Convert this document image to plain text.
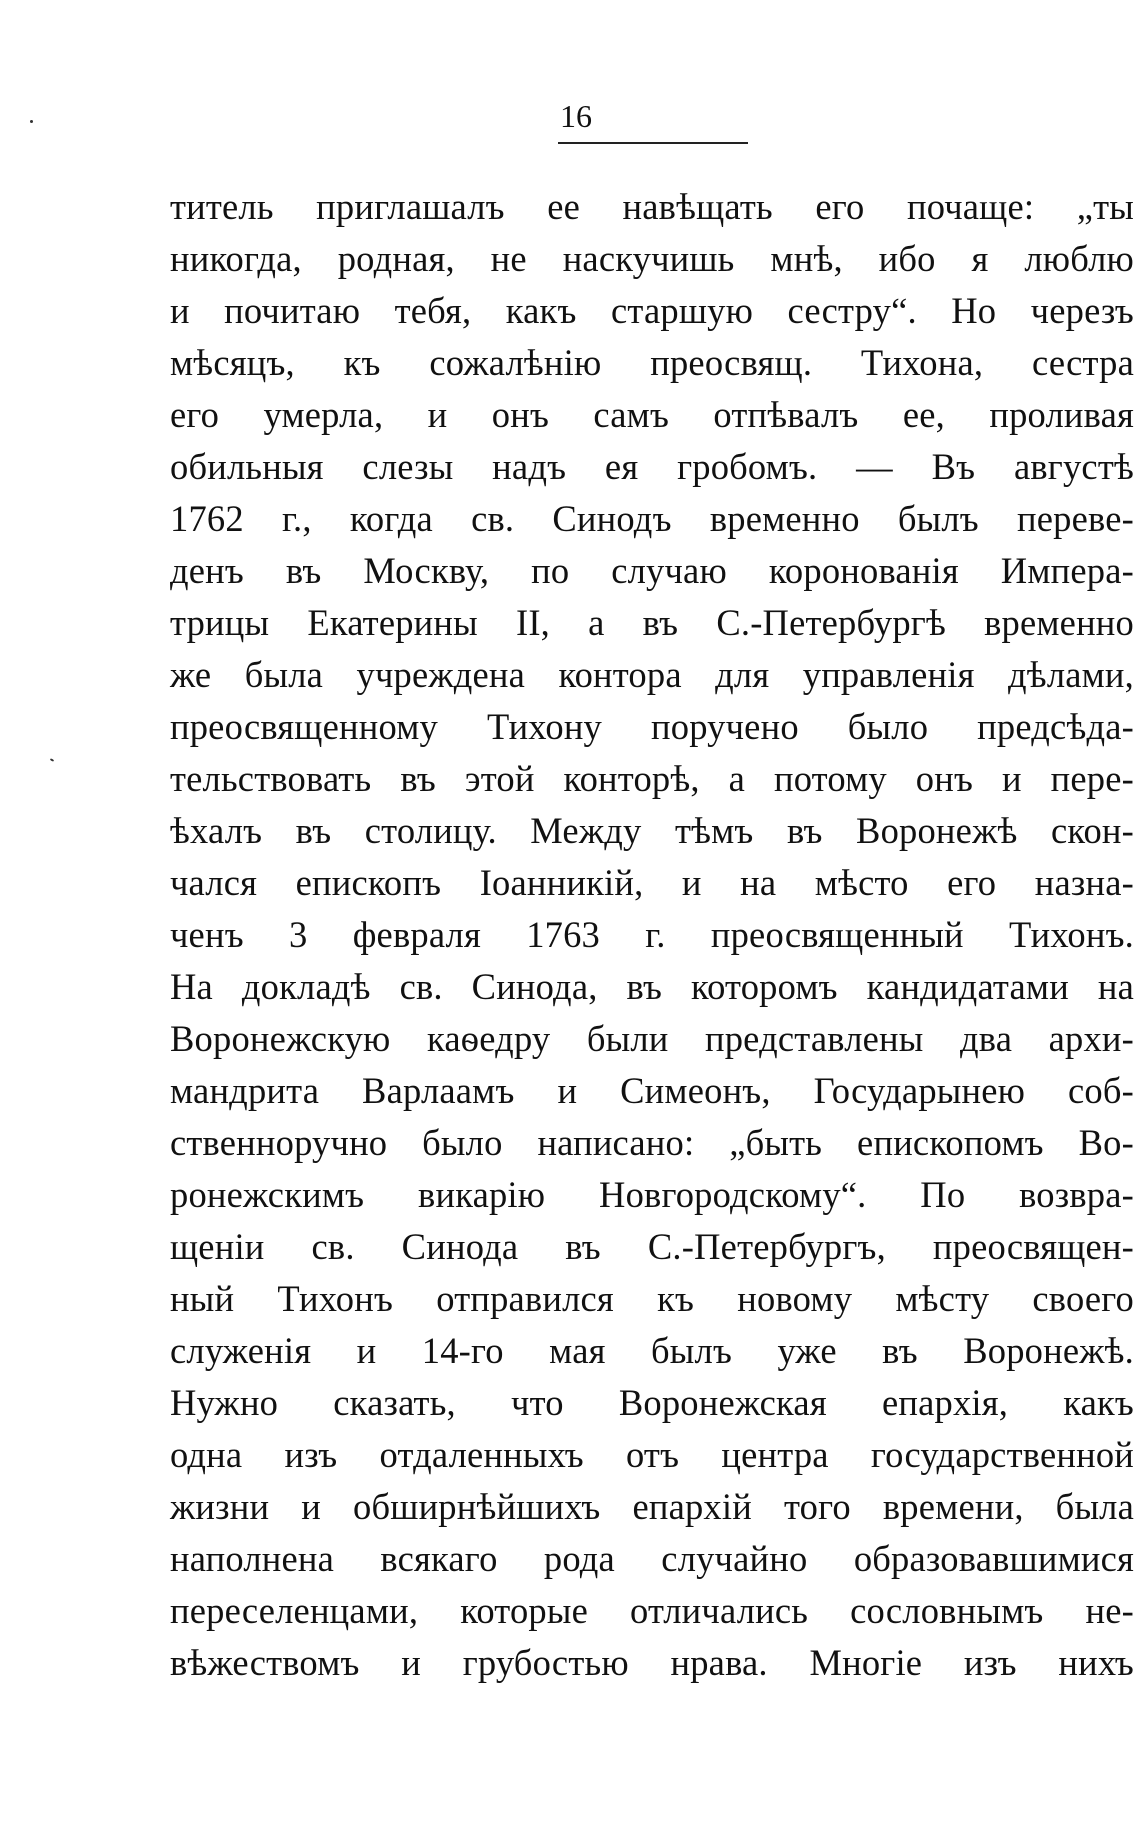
16
титель приглашалъ ее навѣщать его почаще: „ты
никогда, родная, не наскучишь мнѣ, ибо я люблю
и почитаю тебя, какъ старшую сестру“. Но черезъ
мѣсяцъ, къ сожалѣнію преосвящ. Тихона, сестра
его умерла, и онъ самъ отпѣвалъ ее, проливая
обильныя слезы надъ ея гробомъ. — Въ августѣ
1762 г., когда св. Синодъ временно былъ переве-
денъ въ Москву, по случаю коронованія Импера-
трицы Екатерины II, а въ С.-Петербургѣ временно
же была учреждена контора для управленія дѣлами,
преосвященному Тихону поручено было предсѣда-
тельствовать въ этой конторѣ, а потому онъ и пере-
ѣхалъ въ столицу. Между тѣмъ въ Воронежѣ скон-
чался епископъ Іоанникій, и на мѣсто его назна-
ченъ 3 февраля 1763 г. преосвященный Тихонъ.
На докладѣ св. Синода, въ которомъ кандидатами на
Воронежскую каѳедру были представлены два архи-
мандрита Варлаамъ и Симеонъ, Государынею соб-
ственноручно было написано: „быть епископомъ Во-
ронежскимъ викарію Новгородскому“. По возвра-
щеніи св. Синода въ С.-Петербургъ, преосвящен-
ный Тихонъ отправился къ новому мѣсту своего
служенія и 14-го мая былъ уже въ Воронежѣ.
Нужно сказать, что Воронежская епархія, какъ
одна изъ отдаленныхъ отъ центра государственной
жизни и обширнѣйшихъ епархій того времени, была
наполнена всякаго рода случайно образовавшимися
переселенцами, которые отличались сословнымъ не-
вѣжествомъ и грубостью нрава. Многіе изъ нихъ
